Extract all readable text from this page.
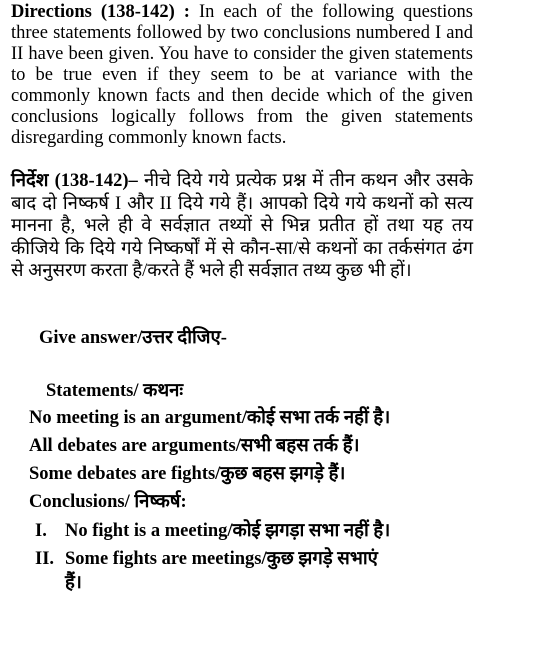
Directions (138-142) : In each of the following questions three statements followed by two conclusions numbered I and II have been given. You have to consider the given statements to be true even if they seem to be at variance with the commonly known facts and then decide which of the given conclusions logically follows from the given statements disregarding commonly known facts.

निर्देश (138-142)– नीचे दिये गये प्रत्येक प्रश्न में तीन कथन और उसके बाद दो निष्कर्ष I और II दिये गये हैं। आपको दिये गये कथनों को सत्य मानना है, भले ही वे सर्वज्ञात तथ्यों से भिन्न प्रतीत हों तथा यह तय कीजिये कि दिये गये निष्कर्षों में से कौन-सा/से कथनों का तर्कसंगत ढंग से अनुसरण करता है/करते हैं भले ही सर्वज्ञात तथ्य कुछ भी हों।

Give answer/उत्तर दीजिए-

Statements/ कथनः

No meeting is an argument/कोई सभा तर्क नहीं है।

All debates are arguments/सभी बहस तर्क हैं।

Some debates are fights/कुछ बहस झगड़े हैं।

Conclusions/ निष्कर्ष:

I. No fight is a meeting/कोई झगड़ा सभा नहीं है।

II. Some fights are meetings/कुछ झगड़े सभाएं

हैं।
